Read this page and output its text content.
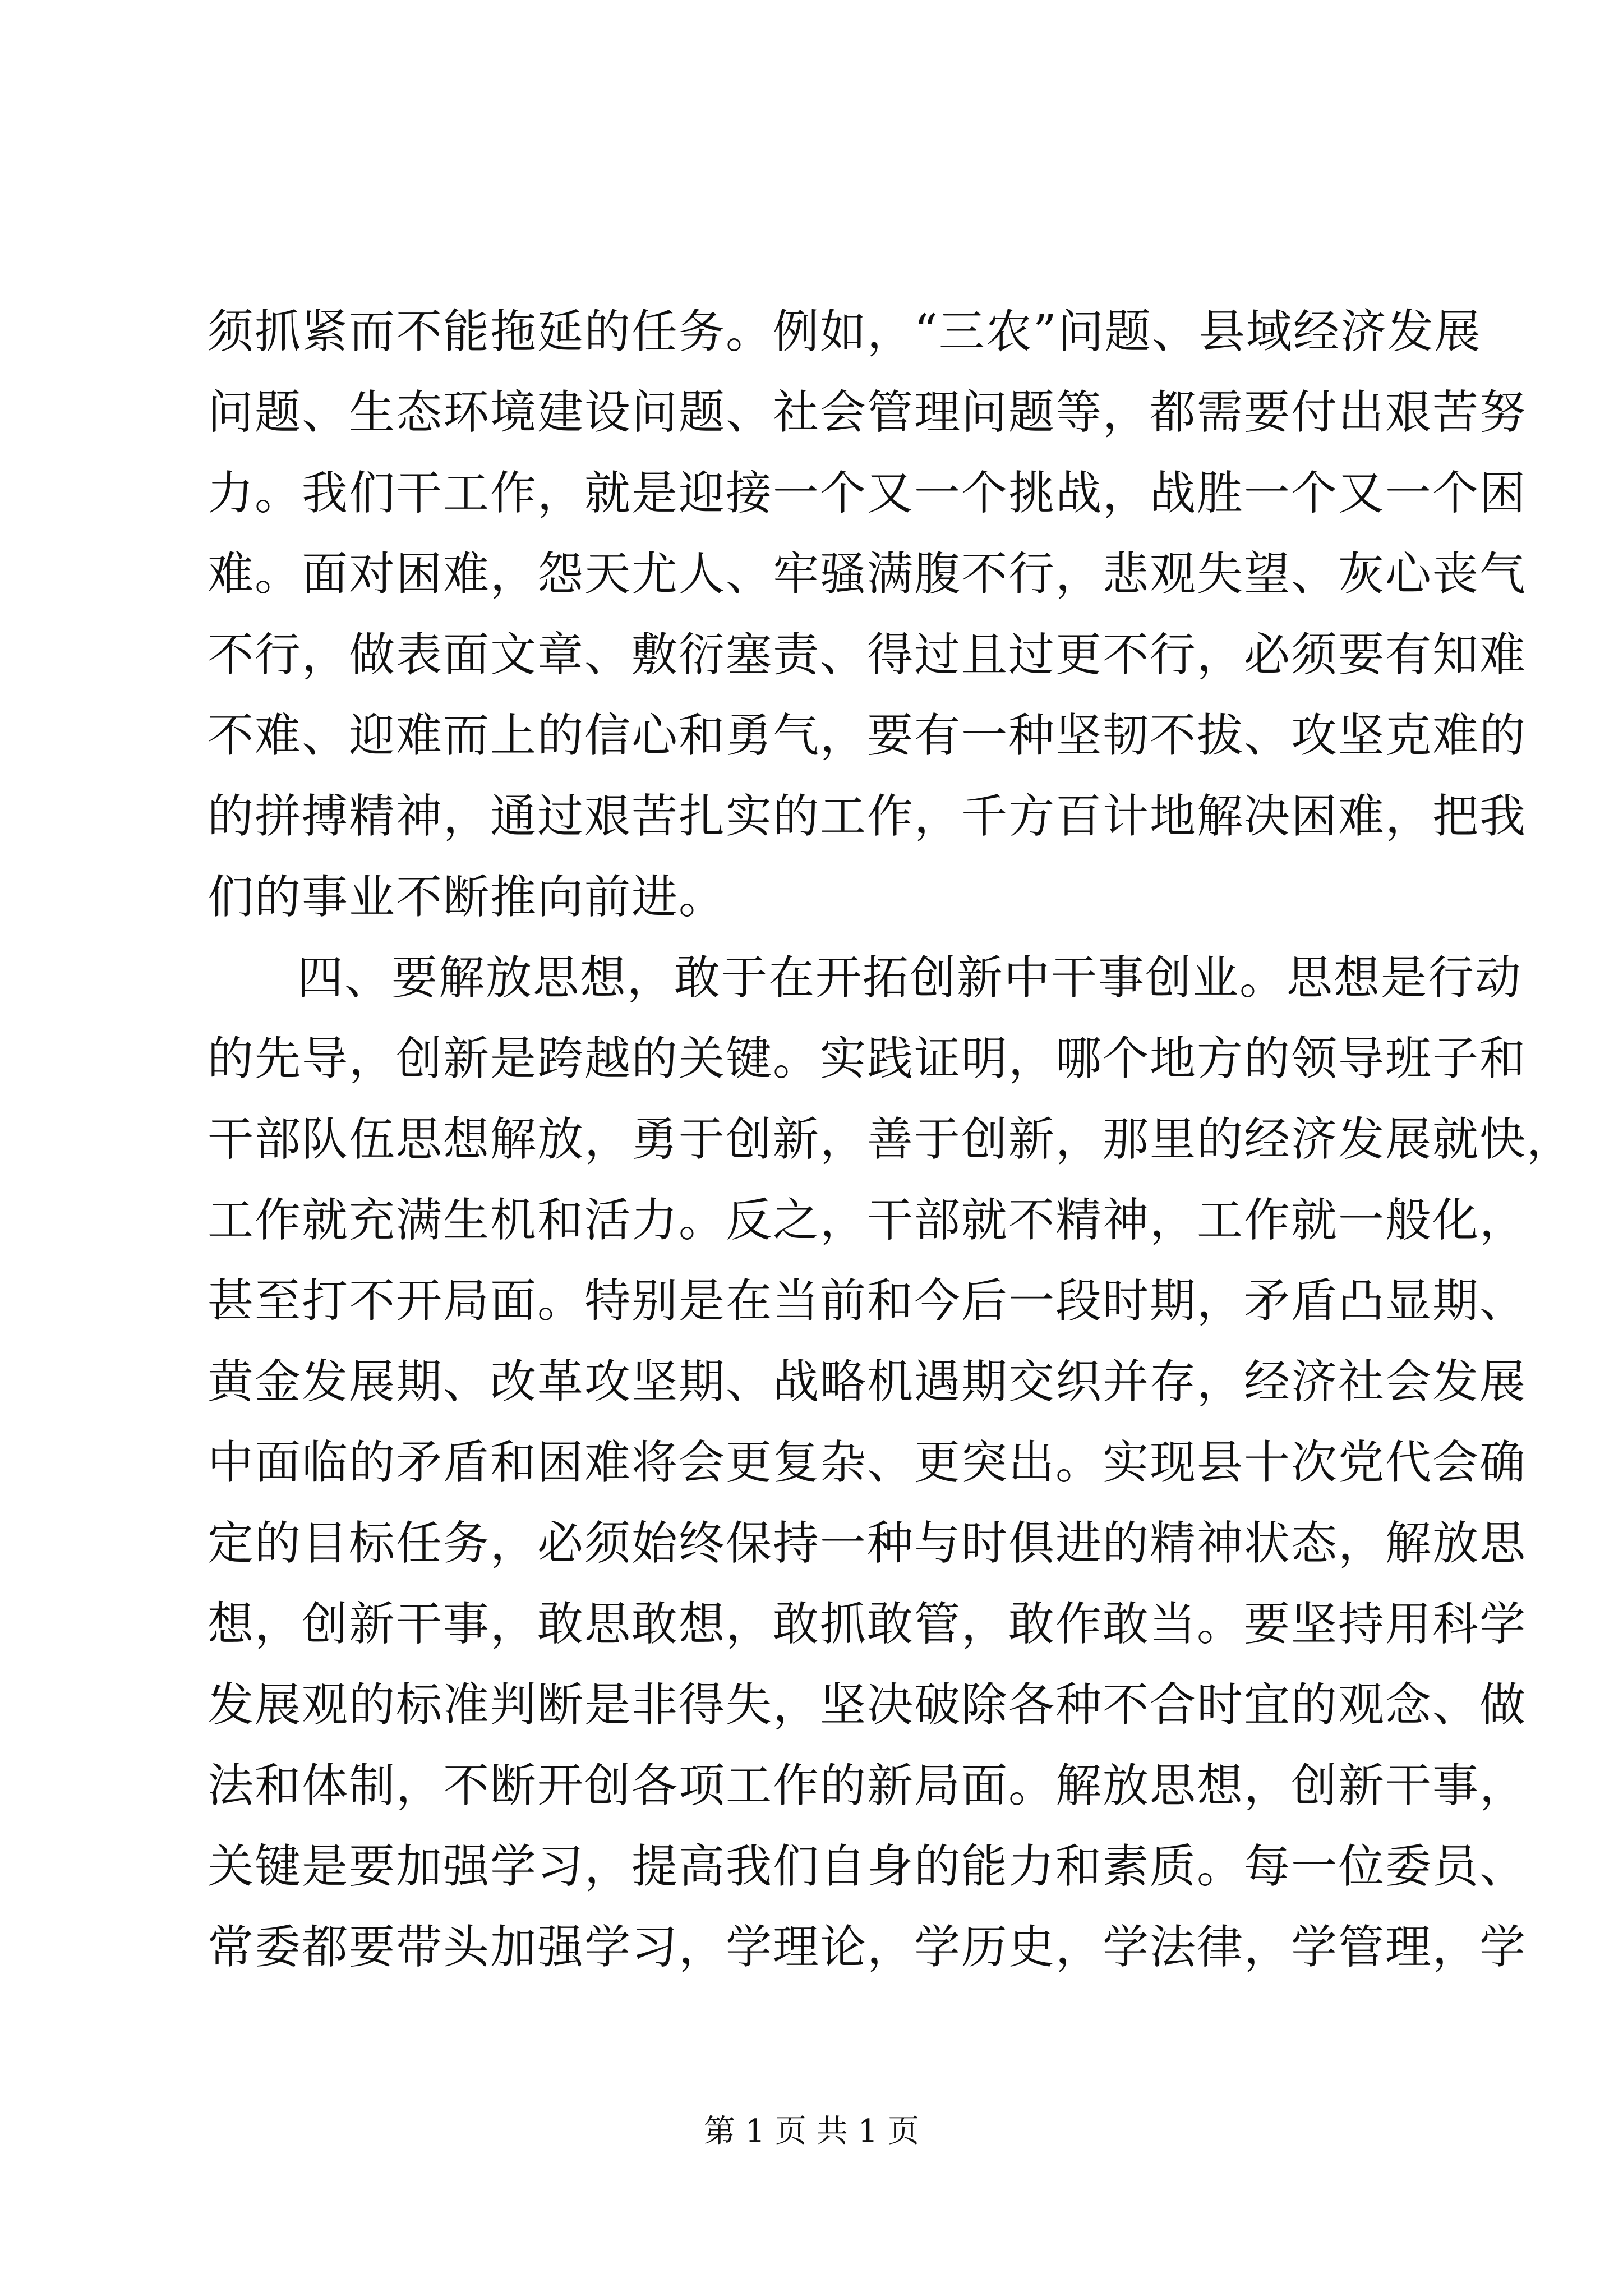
须抓紧而不能拖延的任务。例如，“三农”问题、县域经济发展
问题、生态环境建设问题、社会管理问题等，都需要付出艰苦努
力。我们干工作，就是迎接一个又一个挑战，战胜一个又一个困
难。面对困难，怨天尤人、牢骚满腹不行，悲观失望、灰心丧气
不行，做表面文章、敷衍塞责、得过且过更不行，必须要有知难
不难、迎难而上的信心和勇气，要有一种坚韧不拔、攻坚克难的
的拼搏精神，通过艰苦扎实的工作，千方百计地解决困难，把我
们的事业不断推向前进。
四、要解放思想，敢于在开拓创新中干事创业。思想是行动
的先导，创新是跨越的关键。实践证明，哪个地方的领导班子和
干部队伍思想解放，勇于创新，善于创新，那里的经济发展就快，
工作就充满生机和活力。反之，干部就不精神，工作就一般化，
甚至打不开局面。特别是在当前和今后一段时期，矛盾凸显期、
黄金发展期、改革攻坚期、战略机遇期交织并存，经济社会发展
中面临的矛盾和困难将会更复杂、更突出。实现县十次党代会确
定的目标任务，必须始终保持一种与时俱进的精神状态，解放思
想，创新干事，敢思敢想，敢抓敢管，敢作敢当。要坚持用科学
发展观的标准判断是非得失，坚决破除各种不合时宜的观念、做
法和体制，不断开创各项工作的新局面。解放思想，创新干事，
关键是要加强学习，提高我们自身的能力和素质。每一位委员、
常委都要带头加强学习，学理论，学历史，学法律，学管理，学
第 1 页 共 1 页
